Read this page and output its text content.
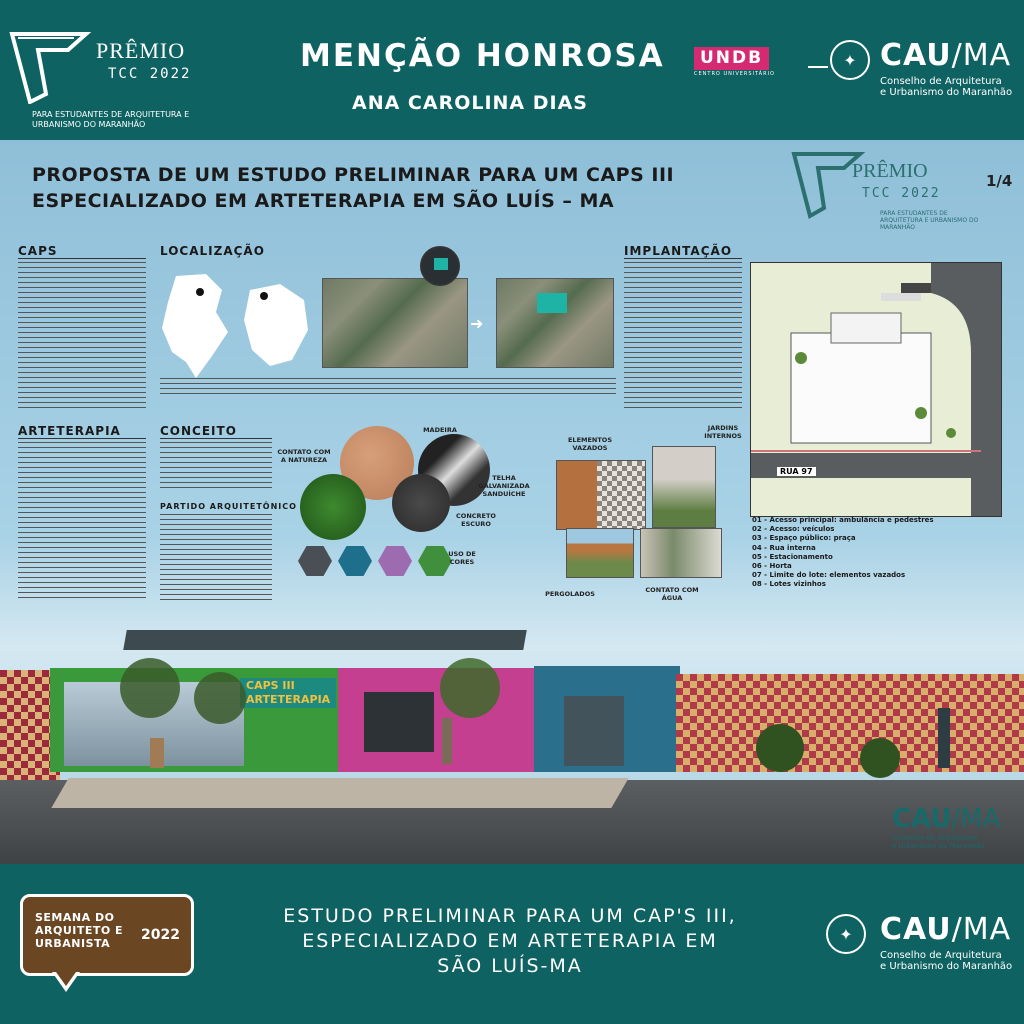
PRÊMIO
TCC 2022
PARA ESTUDANTES DE ARQUITETURA E URBANISMO DO MARANHÃO
MENÇÃO HONROSA
ANA CAROLINA DIAS
UNDB
CENTRO UNIVERSITÁRIO
✦ CAU/MA
Conselho de Arquitetura
e Urbanismo do Maranhão
PROPOSTA DE UM ESTUDO PRELIMINAR PARA UM CAPS III
ESPECIALIZADO EM ARTETERAPIA EM SÃO LUÍS – MA
PRÊMIO
TCC 2022
PARA ESTUDANTES DE ARQUITETURA E URBANISMO DO MARANHÃO
1/4
CAPS	LOCALIZAÇÃO
➜
ARTETERAPIA	CONCEITO
PARTIDO ARQUITETÔNICO
CONTATO COM A NATUREZA
MADEIRA
TELHA GALVANIZADA SANDUÍCHE
CONCRETO ESCURO
USO DE CORES
ELEMENTOS VAZADOS
JARDINS INTERNOS
PERGOLADOS	CONTATO COM ÁGUA
IMPLANTAÇÃO
RUA 97
01 - Acesso principal: ambulância e pedestres
02 - Acesso: veículos
03 - Espaço público: praça
04 - Rua interna
05 - Estacionamento
06 - Horta
07 - Limite do lote: elementos vazados
08 - Lotes vizinhos
CAPS III
ARTETERAPIA
CAU/MA
Conselho de Arquitetura
e Urbanismo do Maranhão
SEMANA DO
ARQUITETO E
URBANISTA
2022
ESTUDO PRELIMINAR PARA UM CAP'S III,
ESPECIALIZADO EM ARTETERAPIA EM
SÃO LUÍS-MA
✦ CAU/MA
Conselho de Arquitetura
e Urbanismo do Maranhão
